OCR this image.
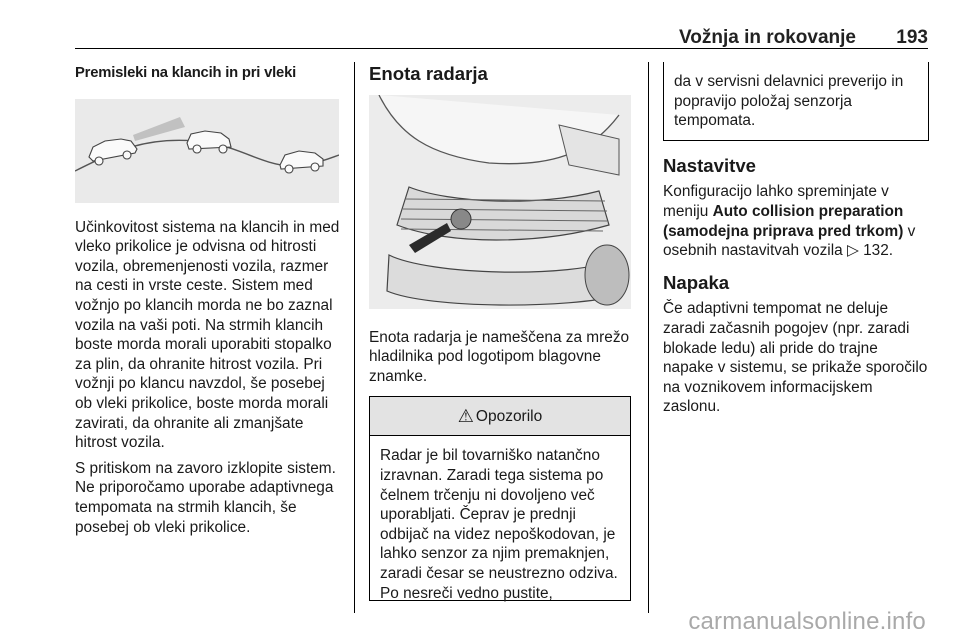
Vožnja in rokovanje 193

Premisleki na klancih in pri vleki

Učinkovitost sistema na klancih in med vleko prikolice je odvisna od hitrosti vozila, obremenjenosti vozila, razmer na cesti in vrste ceste. Sistem med vožnjo po klancih morda ne bo zaznal vozila na vaši poti. Na strmih klancih boste morda morali uporabiti stopalko za plin, da ohranite hitrost vozila. Pri vožnji po klancu navzdol, še posebej ob vleki prikolice, boste morda morali zavirati, da ohranite ali zmanjšate hitrost vozila.

S pritiskom na zavoro izklopite sistem. Ne priporočamo uporabe adaptivnega tempomata na strmih klancih, še posebej ob vleki prikolice.

Enota radarja

Enota radarja je nameščena za mrežo hladilnika pod logotipom blagovne znamke.

⚠ Opozorilo
Radar je bil tovarniško natančno izravnan. Zaradi tega sistema po čelnem trčenju ni dovoljeno več uporabljati. Čeprav je prednji odbijač na videz nepoškodovan, je lahko senzor za njim premaknjen, zaradi česar se neustrezno odziva. Po nesreči vedno pustite,
da v servisni delavnici preverijo in popravijo položaj senzorja tempomata.

Nastavitve

Konfiguracijo lahko spreminjate v meniju Auto collision preparation (samodejna priprava pred trkom) v osebnih nastavitvah vozila ▷ 132.

Napaka

Če adaptivni tempomat ne deluje zaradi začasnih pogojev (npr. zaradi blokade ledu) ali pride do trajne napake v sistemu, se prikaže sporočilo na voznikovem informacijskem zaslonu.

carmanualsonline.info
